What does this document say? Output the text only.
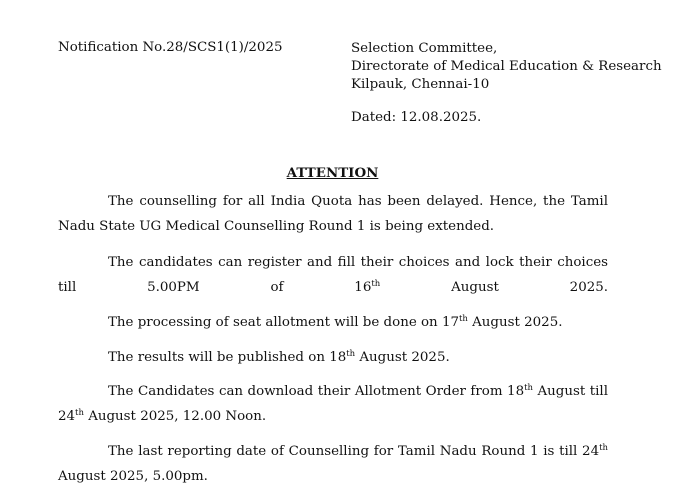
Notification No.28/SCS1(1)/2025	Selection Committee,
Directorate of Medical Education & Research
Kilpauk, Chennai-10
Dated: 12.08.2025.
ATTENTION

The counselling for all India Quota has been delayed. Hence, the Tamil Nadu State UG Medical Counselling Round 1 is being extended.

The candidates can register and fill their choices and lock their choices till 5.00PM of 16th August 2025.

The processing of seat allotment will be done on 17th August 2025.

The results will be published on 18th August 2025.

The Candidates can download their Allotment Order from 18th August till 24th August 2025, 12.00 Noon.

The last reporting date of Counselling for Tamil Nadu Round 1 is till 24th August 2025, 5.00pm.
